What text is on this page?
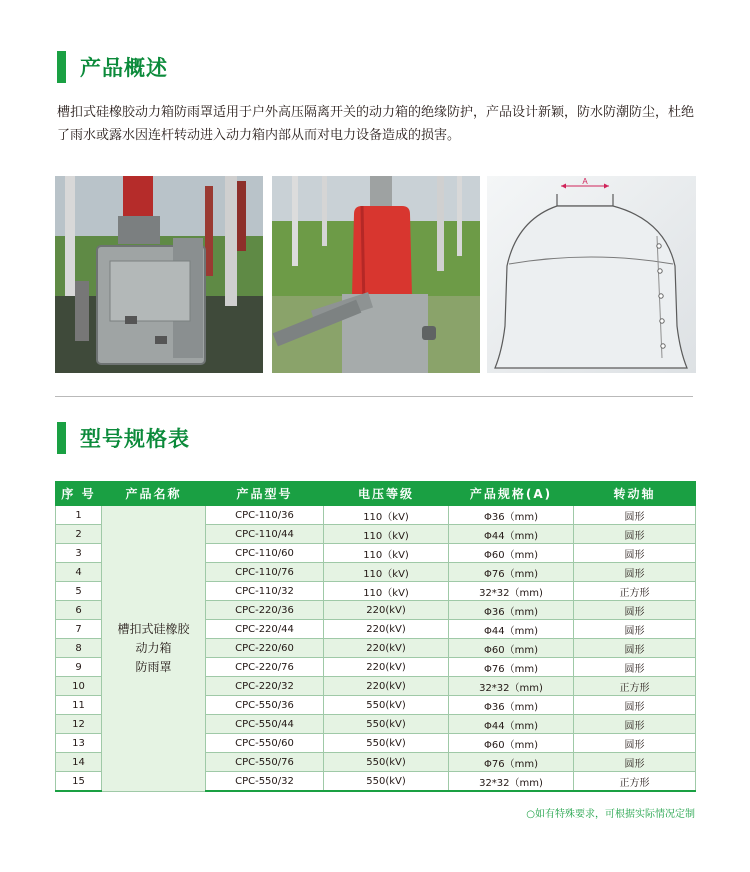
产品概述
槽扣式硅橡胶动力箱防雨罩适用于户外高压隔离开关的动力箱的绝缘防护，产品设计新颖，防水防潮防尘，杜绝了雨水或露水因连杆转动进入动力箱内部从而对电力设备造成的损害。
A
型号规格表
序 号	产品名称	产品型号	电压等级	产品规格(A)	转动轴
1	槽扣式硅橡胶
动力箱
防雨罩	CPC-110/36	110（kV)	Φ36（mm)	圆形
2		CPC-110/44	110（kV)	Φ44（mm)	圆形
3		CPC-110/60	110（kV)	Φ60（mm)	圆形
4		CPC-110/76	110（kV)	Φ76（mm)	圆形
5		CPC-110/32	110（kV)	32*32（mm)	正方形
6		CPC-220/36	220(kV)	Φ36（mm)	圆形
7		CPC-220/44	220(kV)	Φ44（mm)	圆形
8		CPC-220/60	220(kV)	Φ60（mm)	圆形
9		CPC-220/76	220(kV)	Φ76（mm)	圆形
10		CPC-220/32	220(kV)	32*32（mm)	正方形
11		CPC-550/36	550(kV)	Φ36（mm)	圆形
12		CPC-550/44	550(kV)	Φ44（mm)	圆形
13		CPC-550/60	550(kV)	Φ60（mm)	圆形
14		CPC-550/76	550(kV)	Φ76（mm)	圆形
15		CPC-550/32	550(kV)	32*32（mm)	正方形
○如有特殊要求，可根据实际情况定制
